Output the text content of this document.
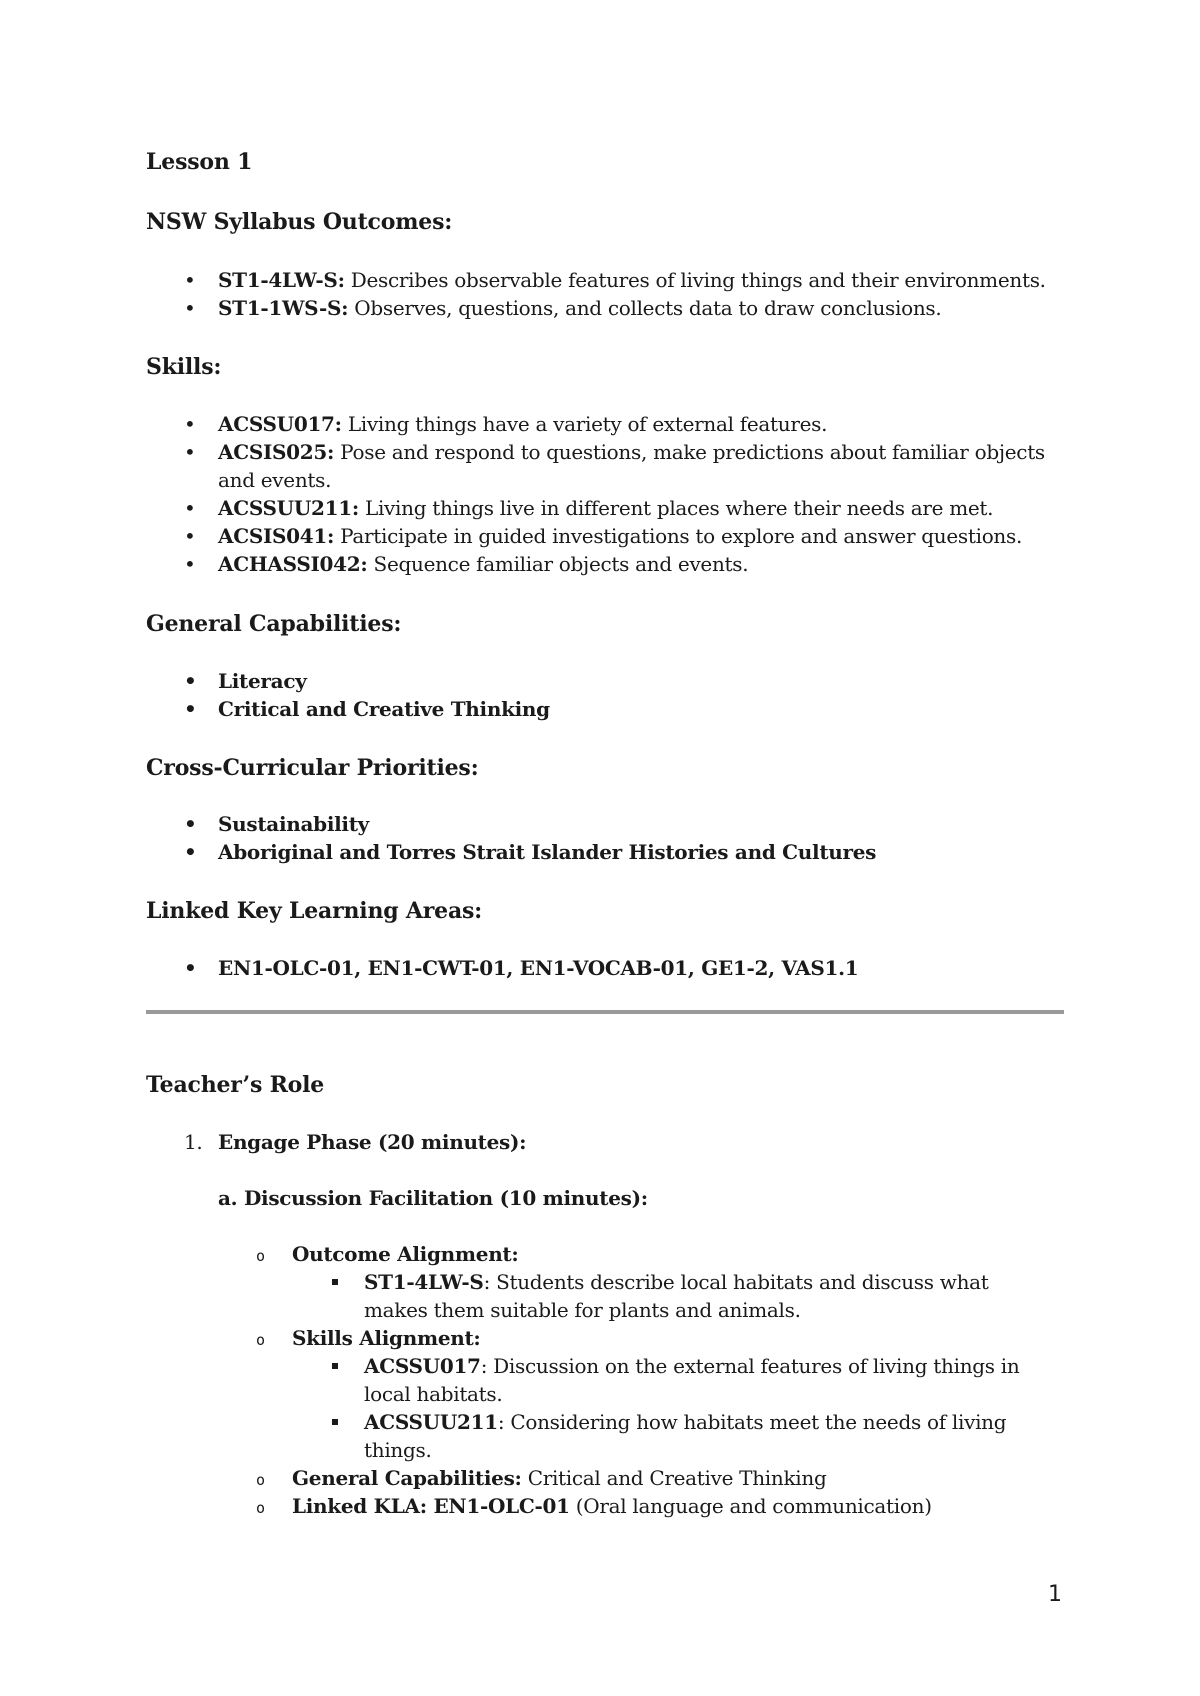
Lesson 1
NSW Syllabus Outcomes:
• ST1-4LW-S: Describes observable features of living things and their environments.
• ST1-1WS-S: Observes, questions, and collects data to draw conclusions.
Skills:
• ACSSU017: Living things have a variety of external features.
• ACSIS025: Pose and respond to questions, make predictions about familiar objects and events.
• ACSSUU211: Living things live in different places where their needs are met.
• ACSIS041: Participate in guided investigations to explore and answer questions.
• ACHASSI042: Sequence familiar objects and events.
General Capabilities:
• Literacy
• Critical and Creative Thinking
Cross-Curricular Priorities:
• Sustainability
• Aboriginal and Torres Strait Islander Histories and Cultures
Linked Key Learning Areas:
• EN1-OLC-01, EN1-CWT-01, EN1-VOCAB-01, GE1-2, VAS1.1
Teacher’s Role
1. Engage Phase (20 minutes):
a. Discussion Facilitation (10 minutes):
o Outcome Alignment:
ST1-4LW-S: Students describe local habitats and discuss what makes them suitable for plants and animals.
o Skills Alignment:
ACSSU017: Discussion on the external features of living things in local habitats.
ACSSUU211: Considering how habitats meet the needs of living things.
o General Capabilities: Critical and Creative Thinking
o Linked KLA: EN1-OLC-01 (Oral language and communication)
1
